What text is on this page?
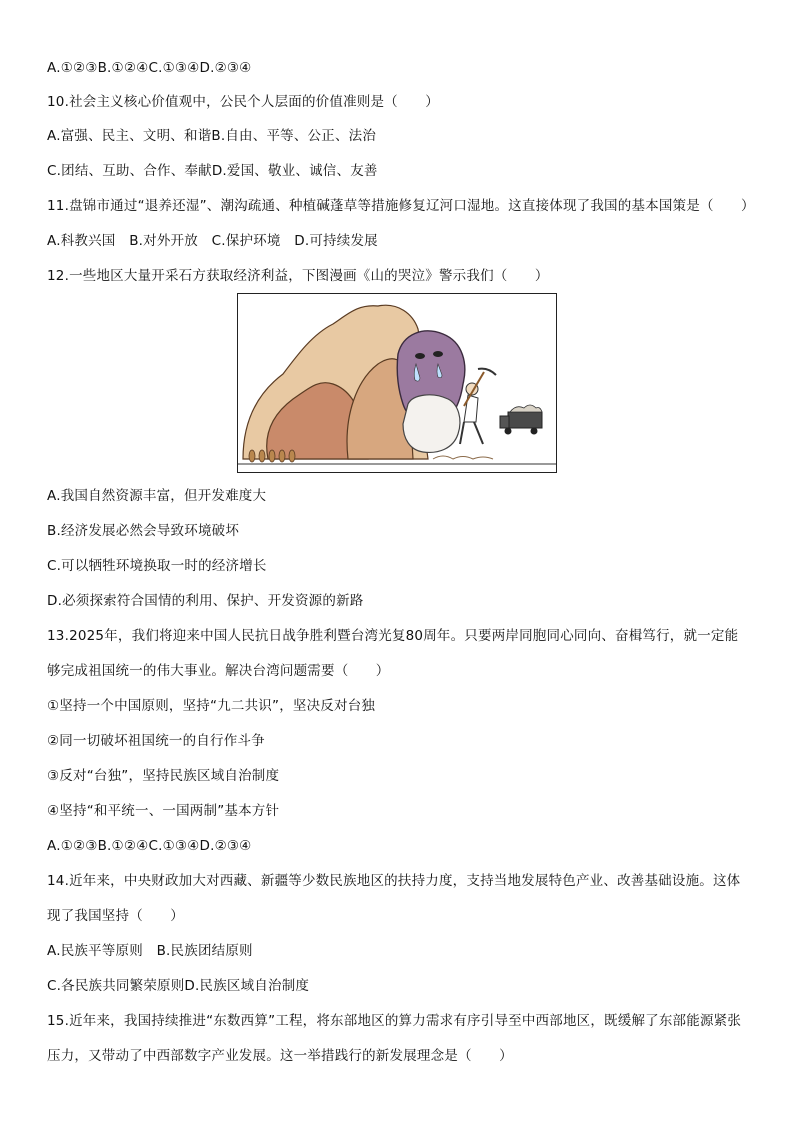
A.①②③B.①②④C.①③④D.②③④
10.社会主义核心价值观中，公民个人层面的价值准则是（　　）
A.富强、民主、文明、和谐B.自由、平等、公正、法治
C.团结、互助、合作、奉献D.爱国、敬业、诚信、友善
11.盘锦市通过“退养还湿”、潮沟疏通、种植碱蓬草等措施修复辽河口湿地。这直接体现了我国的基本国策是（　　）
A.科教兴国　B.对外开放　C.保护环境　D.可持续发展
12.一些地区大量开采石方获取经济利益，下图漫画《山的哭泣》警示我们（　　）
A.我国自然资源丰富，但开发难度大
B.经济发展必然会导致环境破坏
C.可以牺牲环境换取一时的经济增长
D.必须探索符合国情的利用、保护、开发资源的新路
13.2025年，我们将迎来中国人民抗日战争胜利暨台湾光复80周年。只要两岸同胞同心同向、奋楫笃行，就一定能
够完成祖国统一的伟大事业。解决台湾问题需要（　　）
①坚持一个中国原则，坚持“九二共识”，坚决反对台独
②同一切破坏祖国统一的自行作斗争
③反对“台独”，坚持民族区域自治制度
④坚持“和平统一、一国两制”基本方针
A.①②③B.①②④C.①③④D.②③④
14.近年来，中央财政加大对西藏、新疆等少数民族地区的扶持力度，支持当地发展特色产业、改善基础设施。这体
现了我国坚持（　　）
A.民族平等原则　B.民族团结原则
C.各民族共同繁荣原则D.民族区域自治制度
15.近年来，我国持续推进“东数西算”工程，将东部地区的算力需求有序引导至中西部地区，既缓解了东部能源紧张
压力，又带动了中西部数字产业发展。这一举措践行的新发展理念是（　　）
